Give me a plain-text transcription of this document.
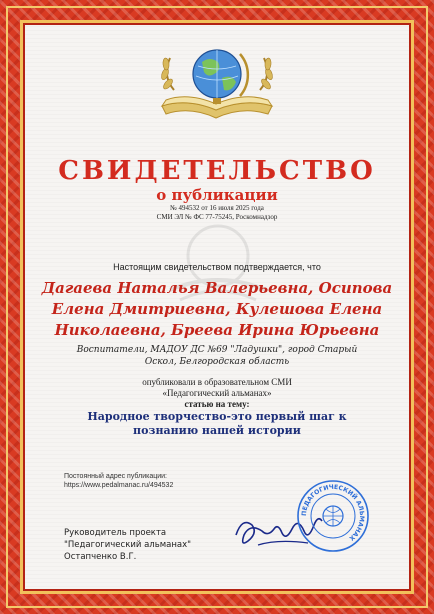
СВИДЕТЕЛЬСТВО
о публикации
№ 494532 от 16 июля 2025 года
СМИ ЭЛ № ФС 77-75245, Роскомнадзор
Настоящим свидетельством подтверждается, что
Дагаева Наталья Валерьевна, Осипова Елена Дмитриевна, Кулешова Елена Николаевна, Бреева Ирина Юрьевна
Воспитатели, МАДОУ ДС №69 "Ладушки", город Старый Оскол, Белгородская область
опубликовали в образовательном СМИ
«Педагогический альманах»
статью на тему:
Народное творчество-это первый шаг к познанию нашей истории
Постоянный адрес публикации:
https://www.pedalmanac.ru/494532
Руководитель проекта
"Педагогический альманах"
Остапченко В.Г.
ПЕДАГОГИЧЕСКИЙ АЛЬМАНАХ
